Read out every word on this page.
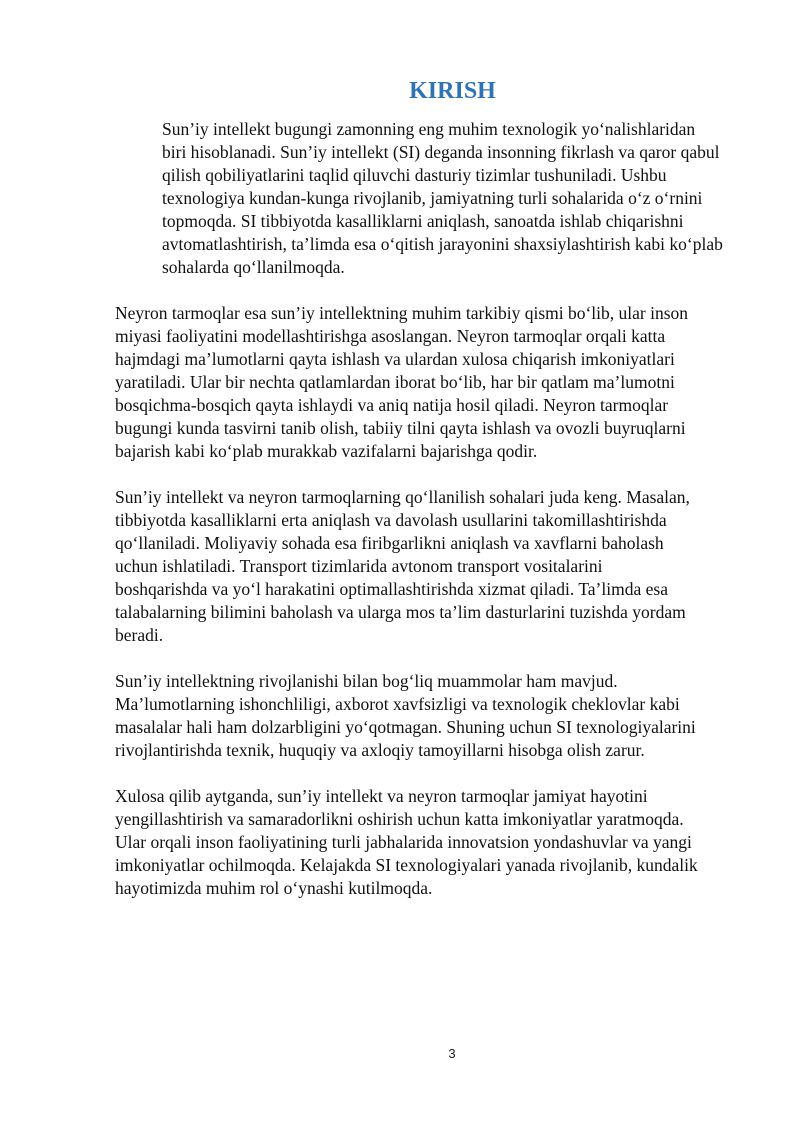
KIRISH

Sun’iy intellekt bugungi zamonning eng muhim texnologik yo‘nalishlaridan
biri hisoblanadi. Sun’iy intellekt (SI) deganda insonning fikrlash va qaror qabul
qilish qobiliyatlarini taqlid qiluvchi dasturiy tizimlar tushuniladi. Ushbu
texnologiya kundan-kunga rivojlanib, jamiyatning turli sohalarida o‘z o‘rnini
topmoqda. SI tibbiyotda kasalliklarni aniqlash, sanoatda ishlab chiqarishni
avtomatlashtirish, ta’limda esa o‘qitish jarayonini shaxsiylashtirish kabi ko‘plab
sohalarda qo‘llanilmoqda.

Neyron tarmoqlar esa sun’iy intellektning muhim tarkibiy qismi bo‘lib, ular inson
miyasi faoliyatini modellashtirishga asoslangan. Neyron tarmoqlar orqali katta
hajmdagi ma’lumotlarni qayta ishlash va ulardan xulosa chiqarish imkoniyatlari
yaratiladi. Ular bir nechta qatlamlardan iborat bo‘lib, har bir qatlam ma’lumotni
bosqichma-bosqich qayta ishlaydi va aniq natija hosil qiladi. Neyron tarmoqlar
bugungi kunda tasvirni tanib olish, tabiiy tilni qayta ishlash va ovozli buyruqlarni
bajarish kabi ko‘plab murakkab vazifalarni bajarishga qodir.

Sun’iy intellekt va neyron tarmoqlarning qo‘llanilish sohalari juda keng. Masalan,
tibbiyotda kasalliklarni erta aniqlash va davolash usullarini takomillashtirishda
qo‘llaniladi. Moliyaviy sohada esa firibgarlikni aniqlash va xavflarni baholash
uchun ishlatiladi. Transport tizimlarida avtonom transport vositalarini
boshqarishda va yo‘l harakatini optimallashtirishda xizmat qiladi. Ta’limda esa
talabalarning bilimini baholash va ularga mos ta’lim dasturlarini tuzishda yordam
beradi.

Sun’iy intellektning rivojlanishi bilan bog‘liq muammolar ham mavjud.
Ma’lumotlarning ishonchliligi, axborot xavfsizligi va texnologik cheklovlar kabi
masalalar hali ham dolzarbligini yo‘qotmagan. Shuning uchun SI texnologiyalarini
rivojlantirishda texnik, huquqiy va axloqiy tamoyillarni hisobga olish zarur.

Xulosa qilib aytganda, sun’iy intellekt va neyron tarmoqlar jamiyat hayotini
yengillashtirish va samaradorlikni oshirish uchun katta imkoniyatlar yaratmoqda.
Ular orqali inson faoliyatining turli jabhalarida innovatsion yondashuvlar va yangi
imkoniyatlar ochilmoqda. Kelajakda SI texnologiyalari yanada rivojlanib, kundalik
hayotimizda muhim rol o‘ynashi kutilmoqda.

3
